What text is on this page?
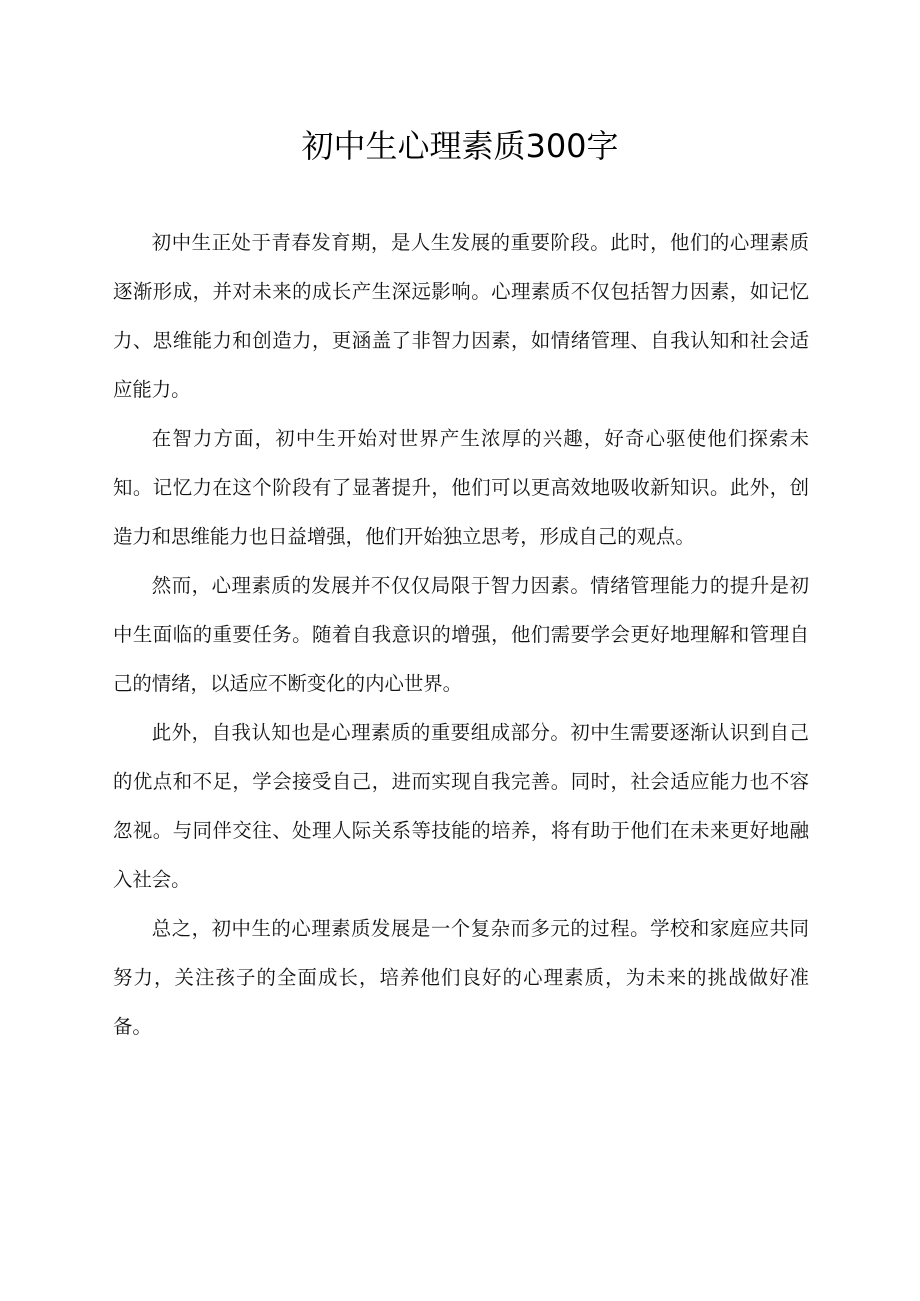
初中生心理素质300字

初中生正处于青春发育期，是人生发展的重要阶段。此时，他们的心理素质逐渐形成，并对未来的成长产生深远影响。心理素质不仅包括智力因素，如记忆力、思维能力和创造力，更涵盖了非智力因素，如情绪管理、自我认知和社会适应能力。

在智力方面，初中生开始对世界产生浓厚的兴趣，好奇心驱使他们探索未知。记忆力在这个阶段有了显著提升，他们可以更高效地吸收新知识。此外，创造力和思维能力也日益增强，他们开始独立思考，形成自己的观点。

然而，心理素质的发展并不仅仅局限于智力因素。情绪管理能力的提升是初中生面临的重要任务。随着自我意识的增强，他们需要学会更好地理解和管理自己的情绪，以适应不断变化的内心世界。

此外，自我认知也是心理素质的重要组成部分。初中生需要逐渐认识到自己的优点和不足，学会接受自己，进而实现自我完善。同时，社会适应能力也不容忽视。与同伴交往、处理人际关系等技能的培养，将有助于他们在未来更好地融入社会。

总之，初中生的心理素质发展是一个复杂而多元的过程。学校和家庭应共同努力，关注孩子的全面成长，培养他们良好的心理素质，为未来的挑战做好准备。
